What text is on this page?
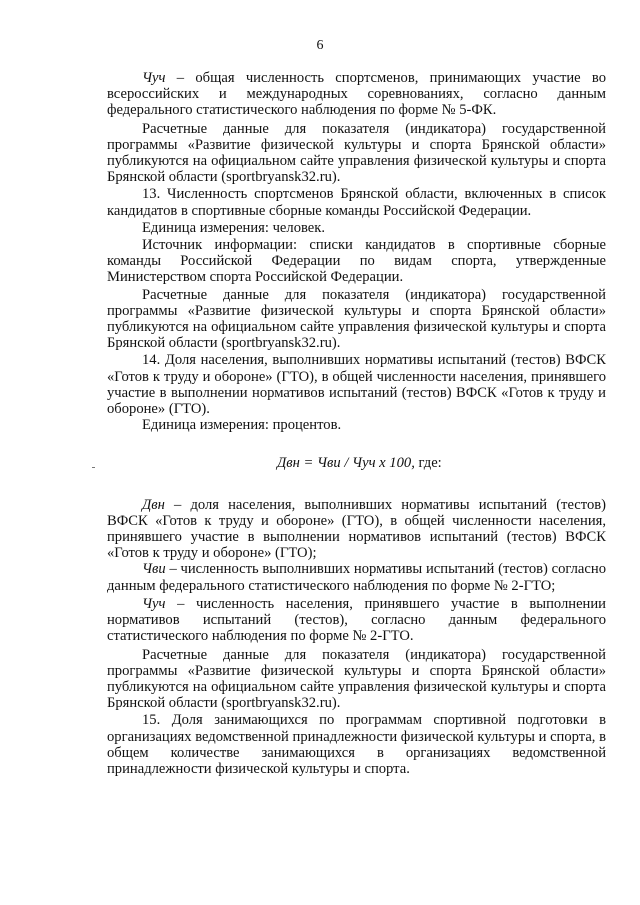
6

Чуч – общая численность спортсменов, принимающих участие во всероссийских и международных соревнованиях, согласно данным федерального статистического наблюдения по форме № 5-ФК.

Расчетные данные для показателя (индикатора) государственной программы «Развитие физической культуры и спорта Брянской области» публикуются на официальном сайте управления физической культуры и спорта Брянской области (sportbryansk32.ru).

13. Численность спортсменов Брянской области, включенных в список кандидатов в спортивные сборные команды Российской Федерации.

Единица измерения: человек.

Источник информации: списки кандидатов в спортивные сборные команды Российской Федерации по видам спорта, утвержденные Министерством спорта Российской Федерации.

Расчетные данные для показателя (индикатора) государственной программы «Развитие физической культуры и спорта Брянской области» публикуются на официальном сайте управления физической культуры и спорта Брянской области (sportbryansk32.ru).

14. Доля населения, выполнивших нормативы испытаний (тестов) ВФСК «Готов к труду и обороне» (ГТО), в общей численности населения, принявшего участие в выполнении нормативов испытаний (тестов) ВФСК «Готов к труду и обороне» (ГТО).

Единица измерения: процентов.

Двн = Чви / Чуч х 100, где:

Двн – доля населения, выполнивших нормативы испытаний (тестов) ВФСК «Готов к труду и обороне» (ГТО), в общей численности населения, принявшего участие в выполнении нормативов испытаний (тестов) ВФСК «Готов к труду и обороне» (ГТО);

Чви – численность выполнивших нормативы испытаний (тестов) согласно данным федерального статистического наблюдения по форме № 2-ГТО;

Чуч – численность населения, принявшего участие в выполнении нормативов испытаний (тестов), согласно данным федерального статистического наблюдения по форме № 2-ГТО.

Расчетные данные для показателя (индикатора) государственной программы «Развитие физической культуры и спорта Брянской области» публикуются на официальном сайте управления физической культуры и спорта Брянской области (sportbryansk32.ru).

15. Доля занимающихся по программам спортивной подготовки в организациях ведомственной принадлежности физической культуры и спорта, в общем количестве занимающихся в организациях ведомственной принадлежности физической культуры и спорта.
